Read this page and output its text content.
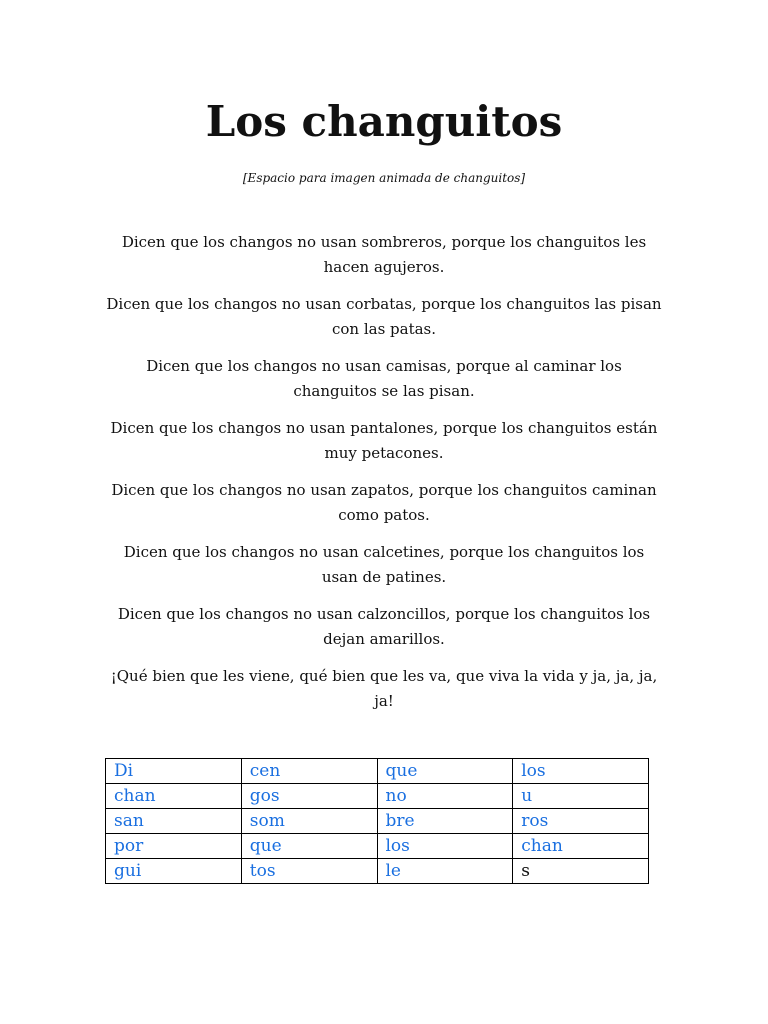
Los changuitos
[Espacio para imagen animada de changuitos]

Dicen que los changos no usan sombreros, porque los changuitos les hacen agujeros.

Dicen que los changos no usan corbatas, porque los changuitos las pisan con las patas.

Dicen que los changos no usan camisas, porque al caminar los changuitos se las pisan.

Dicen que los changos no usan pantalones, porque los changuitos están muy petacones.

Dicen que los changos no usan zapatos, porque los changuitos caminan como patos.

Dicen que los changos no usan calcetines, porque los changuitos los usan de patines.

Dicen que los changos no usan calzoncillos, porque los changuitos los dejan amarillos.

¡Qué bien que les viene, qué bien que les va, que viva la vida y ja, ja, ja, ja!

Di	cen	que	los
chan	gos	no	u
san	som	bre	ros
por	que	los	chan
gui	tos	le	s
